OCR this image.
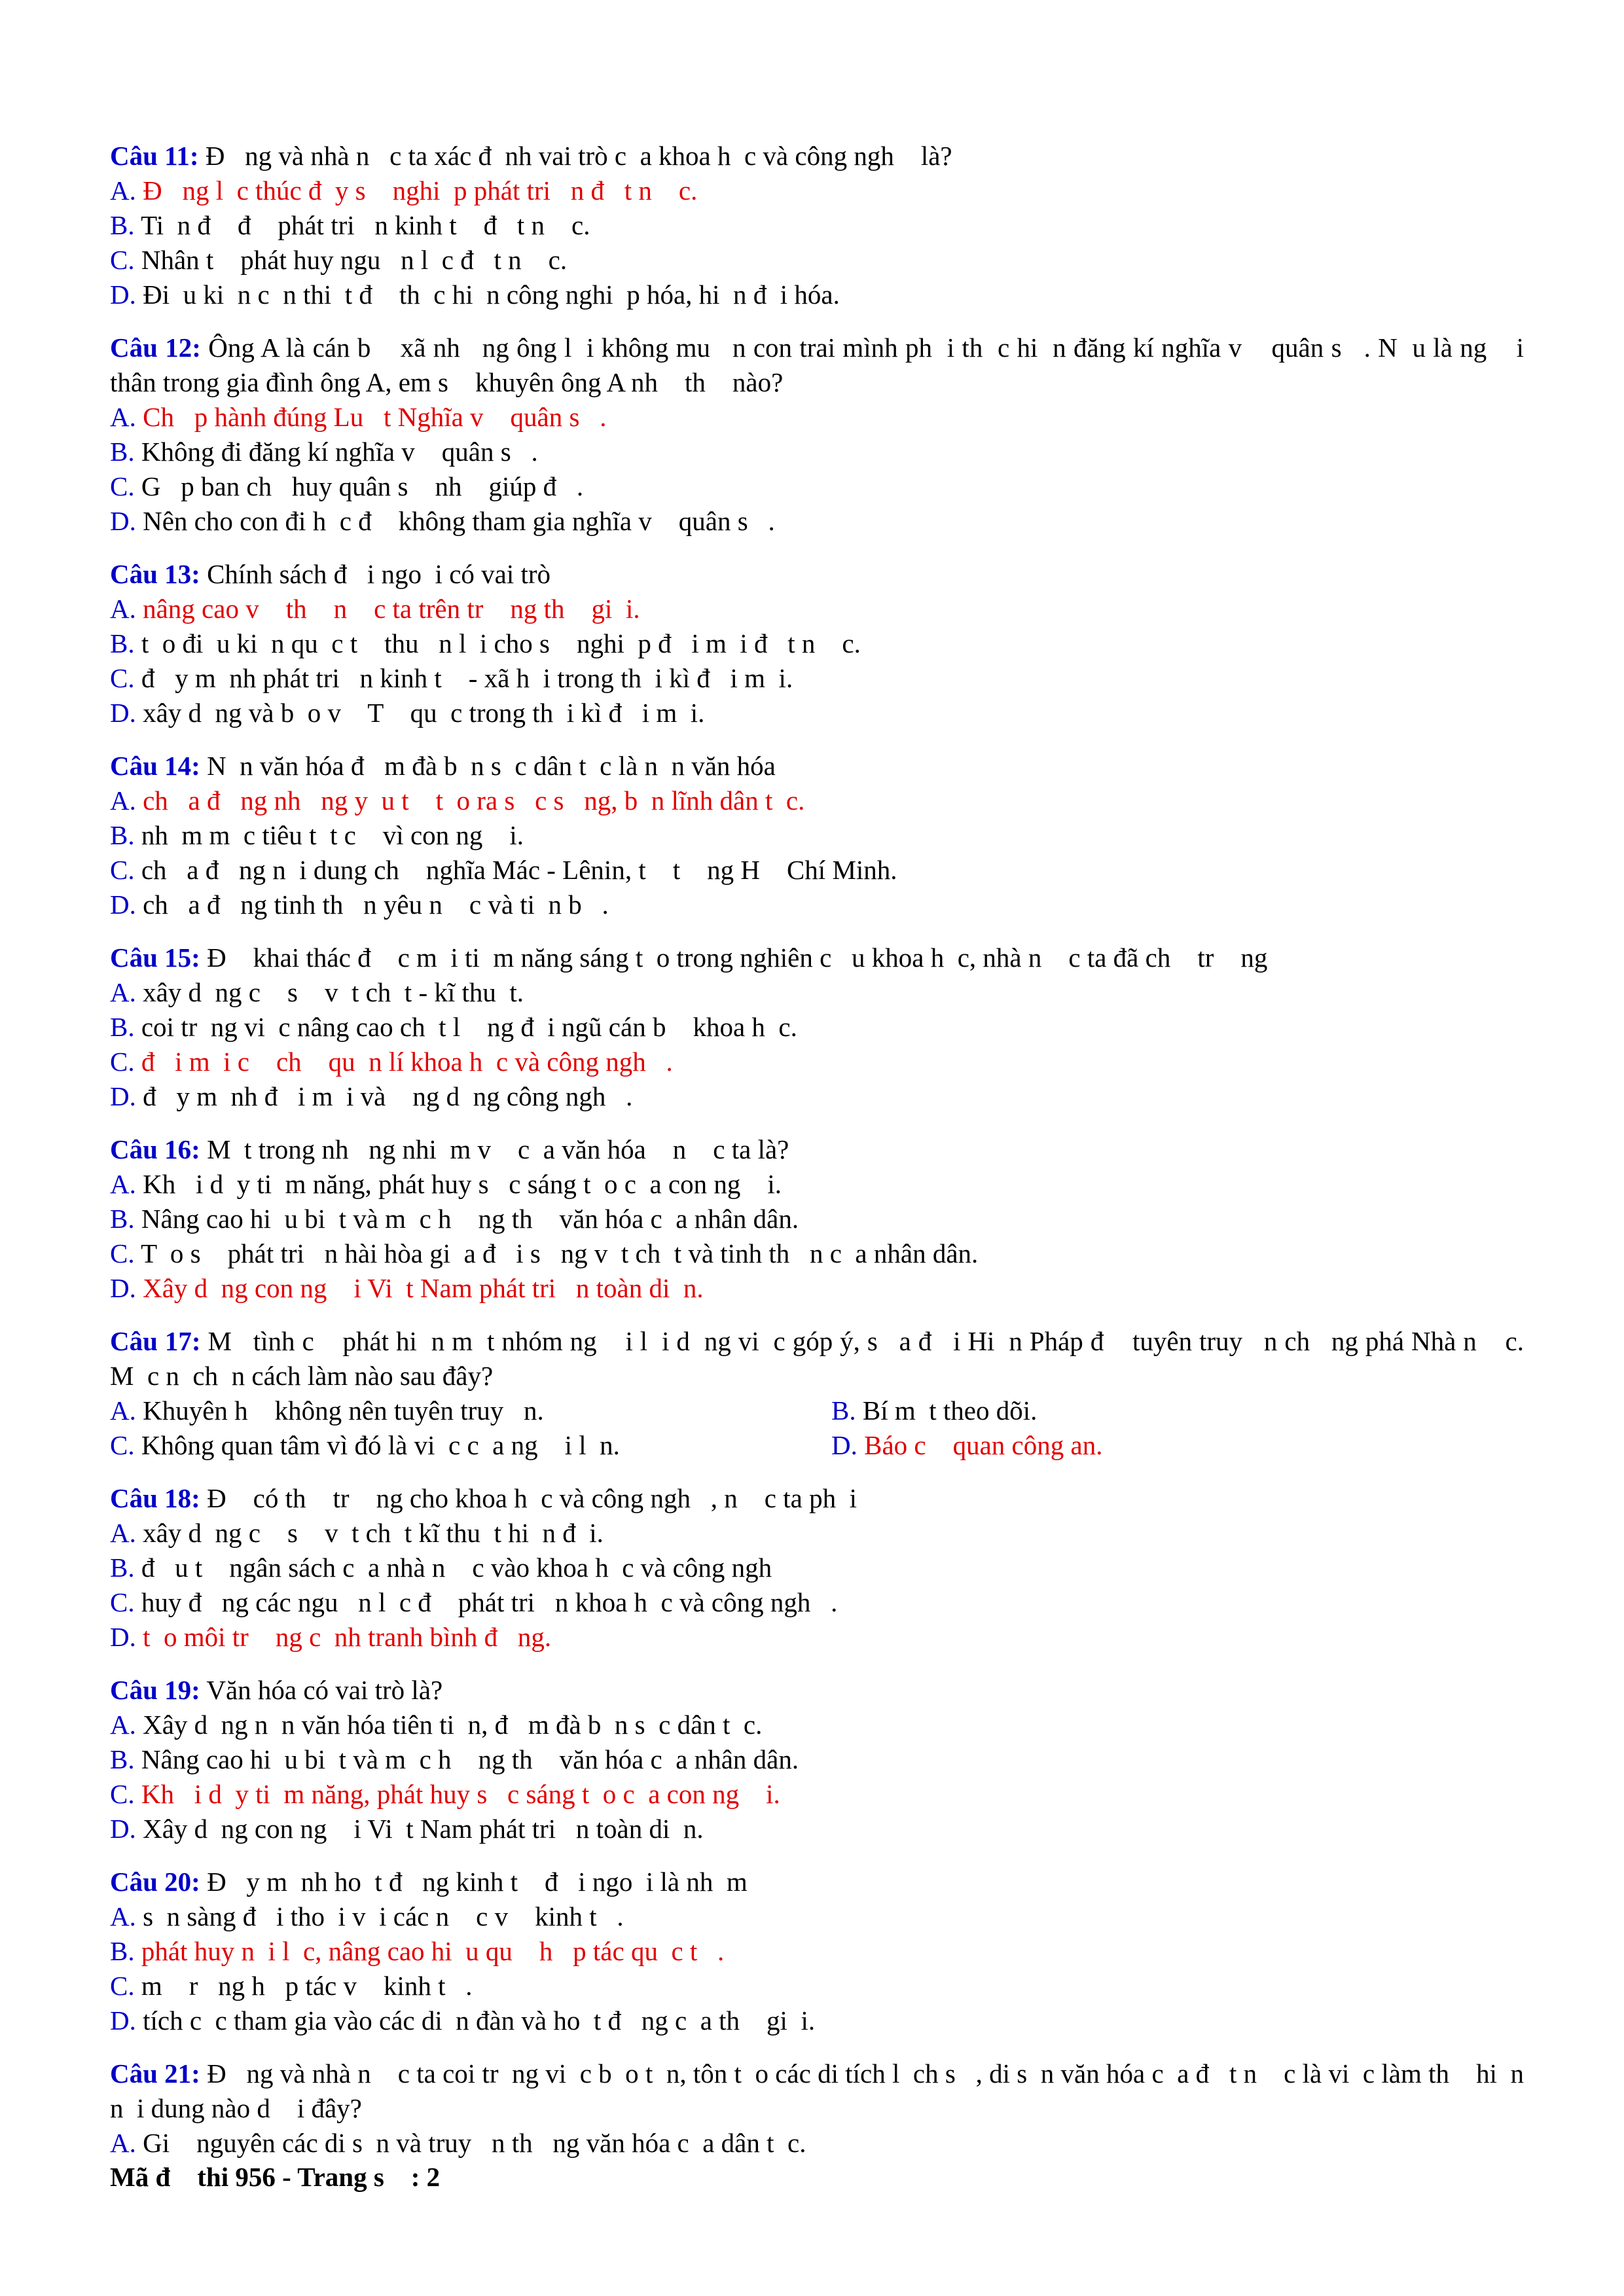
Câu 11: Đ   ng và nhà n   c ta xác đ  nh vai trò c  a khoa h  c và công ngh    là?
A. Đ   ng l  c thúc đ  y s    nghi  p phát tri   n đ   t n    c.
B. Ti  n đ    đ    phát tri   n kinh t    đ   t n    c.
C. Nhân t    phát huy ngu   n l  c đ   t n    c.
D. Đi  u ki  n c  n thi  t đ    th  c hi  n công nghi  p hóa, hi  n đ  i hóa.
Câu 12: Ông A là cán b    xã nh   ng ông l  i không mu   n con trai mình ph  i th  c hi  n đăng kí nghĩa v    quân s   . N  u là ng    i thân trong gia đình ông A, em s    khuyên ông A nh    th    nào?
A. Ch   p hành đúng Lu   t Nghĩa v    quân s   .
B. Không đi đăng kí nghĩa v    quân s   .
C. G   p ban ch   huy quân s    nh    giúp đ   .
D. Nên cho con đi h  c đ    không tham gia nghĩa v    quân s   .
Câu 13: Chính sách đ   i ngo  i có vai trò
A. nâng cao v    th    n    c ta trên tr    ng th    gi  i.
B. t  o đi  u ki  n qu  c t    thu   n l  i cho s    nghi  p đ   i m  i đ   t n    c.
C. đ   y m  nh phát tri   n kinh t    - xã h  i trong th  i kì đ   i m  i.
D. xây d  ng và b  o v    T    qu  c trong th  i kì đ   i m  i.
Câu 14: N  n văn hóa đ   m đà b  n s  c dân t  c là n  n văn hóa
A. ch   a đ   ng nh   ng y  u t    t  o ra s   c s   ng, b  n lĩnh dân t  c.
B. nh  m m  c tiêu t  t c    vì con ng    i.
C. ch   a đ   ng n  i dung ch    nghĩa Mác - Lênin, t    t    ng H    Chí Minh.
D. ch   a đ   ng tinh th   n yêu n    c và ti  n b   .
Câu 15: Đ    khai thác đ    c m  i ti  m năng sáng t  o trong nghiên c   u khoa h  c, nhà n    c ta đã ch    tr    ng
A. xây d  ng c    s    v  t ch  t - kĩ thu  t.
B. coi tr  ng vi  c nâng cao ch  t l    ng đ  i ngũ cán b    khoa h  c.
C. đ   i m  i c    ch    qu  n lí khoa h  c và công ngh   .
D. đ   y m  nh đ   i m  i và    ng d  ng công ngh   .
Câu 16: M  t trong nh   ng nhi  m v    c  a văn hóa    n    c ta là?
A. Kh   i d  y ti  m năng, phát huy s   c sáng t  o c  a con ng    i.
B. Nâng cao hi  u bi  t và m  c h    ng th    văn hóa c  a nhân dân.
C. T  o s    phát tri   n hài hòa gi  a đ   i s   ng v  t ch  t và tinh th   n c  a nhân dân.
D. Xây d  ng con ng    i Vi  t Nam phát tri   n toàn di  n.
Câu 17: M   tình c    phát hi  n m  t nhóm ng    i l  i d  ng vi  c góp ý, s   a đ   i Hi  n Pháp đ    tuyên truy   n ch   ng phá Nhà n    c. M  c n  ch  n cách làm nào sau đây?
A. Khuyên h    không nên tuyên truy   n.	B. Bí m  t theo dõi.
C. Không quan tâm vì đó là vi  c c  a ng    i l  n.	D. Báo c    quan công an.
Câu 18: Đ    có th    tr    ng cho khoa h  c và công ngh   , n    c ta ph  i
A. xây d  ng c    s    v  t ch  t kĩ thu  t hi  n đ  i.
B. đ   u t    ngân sách c  a nhà n    c vào khoa h  c và công ngh
C. huy đ   ng các ngu   n l  c đ    phát tri   n khoa h  c và công ngh   .
D. t  o môi tr    ng c  nh tranh bình đ   ng.
Câu 19: Văn hóa có vai trò là?
A. Xây d  ng n  n văn hóa tiên ti  n, đ   m đà b  n s  c dân t  c.
B. Nâng cao hi  u bi  t và m  c h    ng th    văn hóa c  a nhân dân.
C. Kh   i d  y ti  m năng, phát huy s   c sáng t  o c  a con ng    i.
D. Xây d  ng con ng    i Vi  t Nam phát tri   n toàn di  n.
Câu 20: Đ   y m  nh ho  t đ   ng kinh t    đ   i ngo  i là nh  m
A. s  n sàng đ   i tho  i v  i các n    c v    kinh t   .
B. phát huy n  i l  c, nâng cao hi  u qu    h   p tác qu  c t   .
C. m    r   ng h   p tác v    kinh t   .
D. tích c  c tham gia vào các di  n đàn và ho  t đ   ng c  a th    gi  i.
Câu 21: Đ   ng và nhà n    c ta coi tr  ng vi  c b  o t  n, tôn t  o các di tích l  ch s   , di s  n văn hóa c  a đ   t n    c là vi  c làm th    hi  n n  i dung nào d    i đây?
A. Gi    nguyên các di s  n và truy   n th   ng văn hóa c  a dân t  c.
Mã đ    thi 956 - Trang s    : 2
